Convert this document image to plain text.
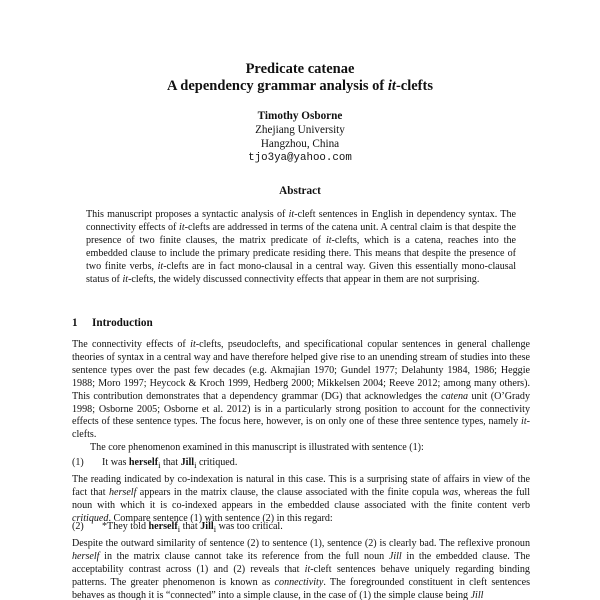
Predicate catenae
A dependency grammar analysis of it-clefts
Timothy Osborne
Zhejiang University
Hangzhou, China
tjo3ya@yahoo.com
Abstract

This manuscript proposes a syntactic analysis of it-cleft sentences in English in dependency syntax. The connectivity effects of it-clefts are addressed in terms of the catena unit. A central claim is that despite the presence of two finite clauses, the matrix predicate of it-clefts, which is a catena, reaches into the embedded clause to include the primary predicate residing there. This means that despite the presence of two finite verbs, it-clefts are in fact mono-clausal in a central way. Given this essentially mono-clausal status of it-clefts, the widely discussed connectivity effects that appear in them are not surprising.

1 Introduction

The connectivity effects of it-clefts, pseudoclefts, and specificational copular sentences in general challenge theories of syntax in a central way and have therefore helped give rise to an unending stream of studies into these sentence types over the past few decades (e.g. Akmajian 1970; Gundel 1977; Delahunty 1984, 1986; Heggie 1988; Moro 1997; Heycock & Kroch 1999, Hedberg 2000; Mikkelsen 2004; Reeve 2012; among many others). This contribution demonstrates that a dependency grammar (DG) that acknowledges the catena unit (O’Grady 1998; Osborne 2005; Osborne et al. 2012) is in a particularly strong position to account for the connectivity effects of these sentence types. The focus here, however, is on only one of these three sentence types, namely it-clefts.

The core phenomenon examined in this manuscript is illustrated with sentence (1):

(1) It was herself$_i$ that Jill$_i$ critiqued.

The reading indicated by co-indexation is natural in this case. This is a surprising state of affairs in view of the fact that herself appears in the matrix clause, the clause associated with the finite copula was, whereas the full noun with which it is co-indexed appears in the embedded clause associated with the finite content verb critiqued. Compare sentence (1) with sentence (2) in this regard:

(2) *They told herself$_i$ that Jill$_i$ was too critical.

Despite the outward similarity of sentence (2) to sentence (1), sentence (2) is clearly bad. The reflexive pronoun herself in the matrix clause cannot take its reference from the full noun Jill in the embedded clause. The acceptability contrast across (1) and (2) reveals that it-cleft sentences behave uniquely regarding binding patterns. The greater phenomenon is known as connectivity. The foregrounded constituent in cleft sentences behaves as though it is “connected” into a simple clause, in the case of (1) the simple clause being Jill
